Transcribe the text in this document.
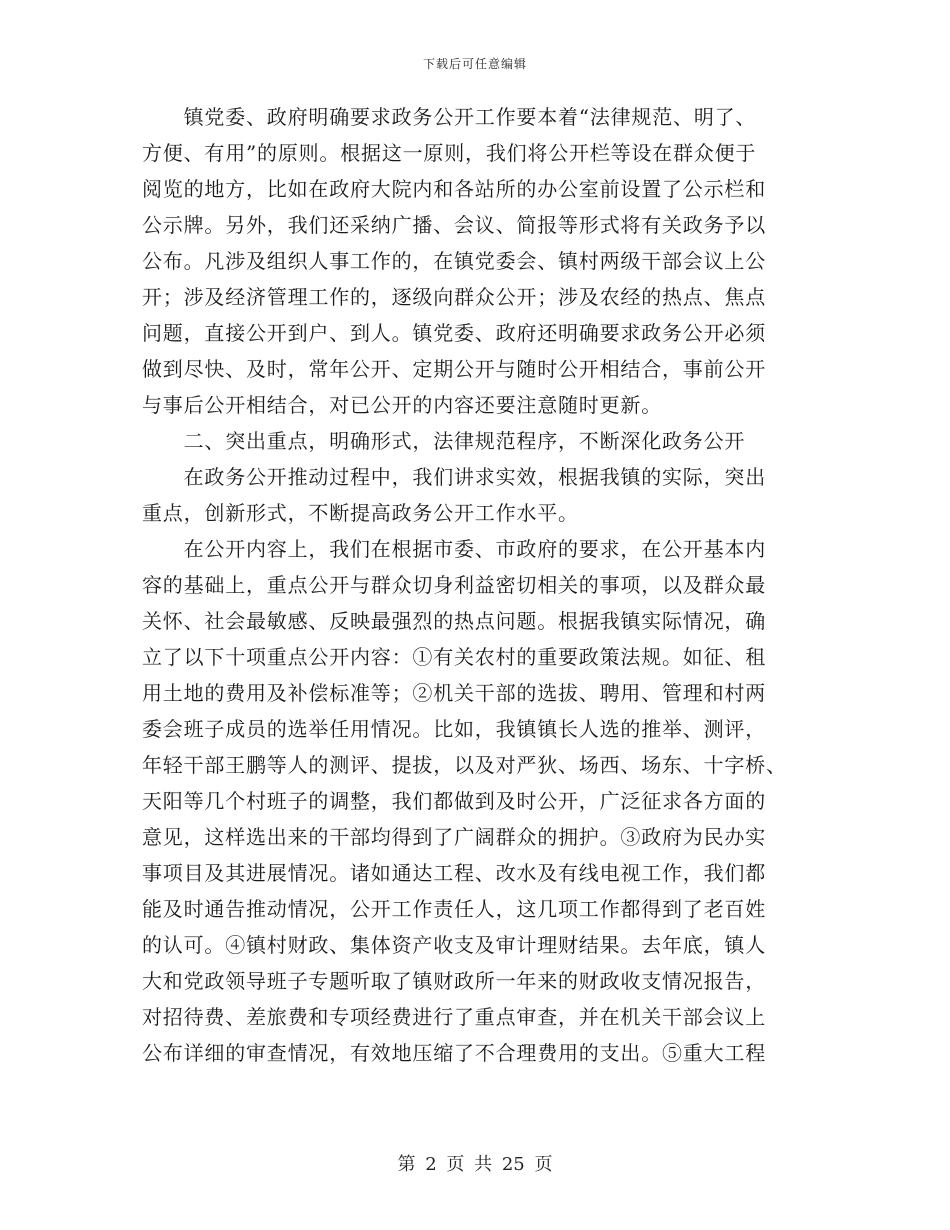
下载后可任意编辑
　　镇党委、政府明确要求政务公开工作要本着“法律规范、明了、
方便、有用”的原则。根据这一原则，我们将公开栏等设在群众便于
阅览的地方，比如在政府大院内和各站所的办公室前设置了公示栏和
公示牌。另外，我们还采纳广播、会议、简报等形式将有关政务予以
公布。凡涉及组织人事工作的，在镇党委会、镇村两级干部会议上公
开；涉及经济管理工作的，逐级向群众公开；涉及农经的热点、焦点
问题，直接公开到户、到人。镇党委、政府还明确要求政务公开必须
做到尽快、及时，常年公开、定期公开与随时公开相结合，事前公开
与事后公开相结合，对已公开的内容还要注意随时更新。
　　二、突出重点，明确形式，法律规范程序，不断深化政务公开
　　在政务公开推动过程中，我们讲求实效，根据我镇的实际，突出
重点，创新形式，不断提高政务公开工作水平。
　　在公开内容上，我们在根据市委、市政府的要求，在公开基本内
容的基础上，重点公开与群众切身利益密切相关的事项，以及群众最
关怀、社会最敏感、反映最强烈的热点问题。根据我镇实际情况，确
立了以下十项重点公开内容：①有关农村的重要政策法规。如征、租
用土地的费用及补偿标准等；②机关干部的选拔、聘用、管理和村两
委会班子成员的选举任用情况。比如，我镇镇长人选的推举、测评，
年轻干部王鹏等人的测评、提拔，以及对严狄、场西、场东、十字桥、
天阳等几个村班子的调整，我们都做到及时公开，广泛征求各方面的
意见，这样选出来的干部均得到了广阔群众的拥护。③政府为民办实
事项目及其进展情况。诸如通达工程、改水及有线电视工作，我们都
能及时通告推动情况，公开工作责任人，这几项工作都得到了老百姓
的认可。④镇村财政、集体资产收支及审计理财结果。去年底，镇人
大和党政领导班子专题听取了镇财政所一年来的财政收支情况报告，
对招待费、差旅费和专项经费进行了重点审查，并在机关干部会议上
公布详细的审查情况，有效地压缩了不合理费用的支出。⑤重大工程
第 2 页 共 25 页
